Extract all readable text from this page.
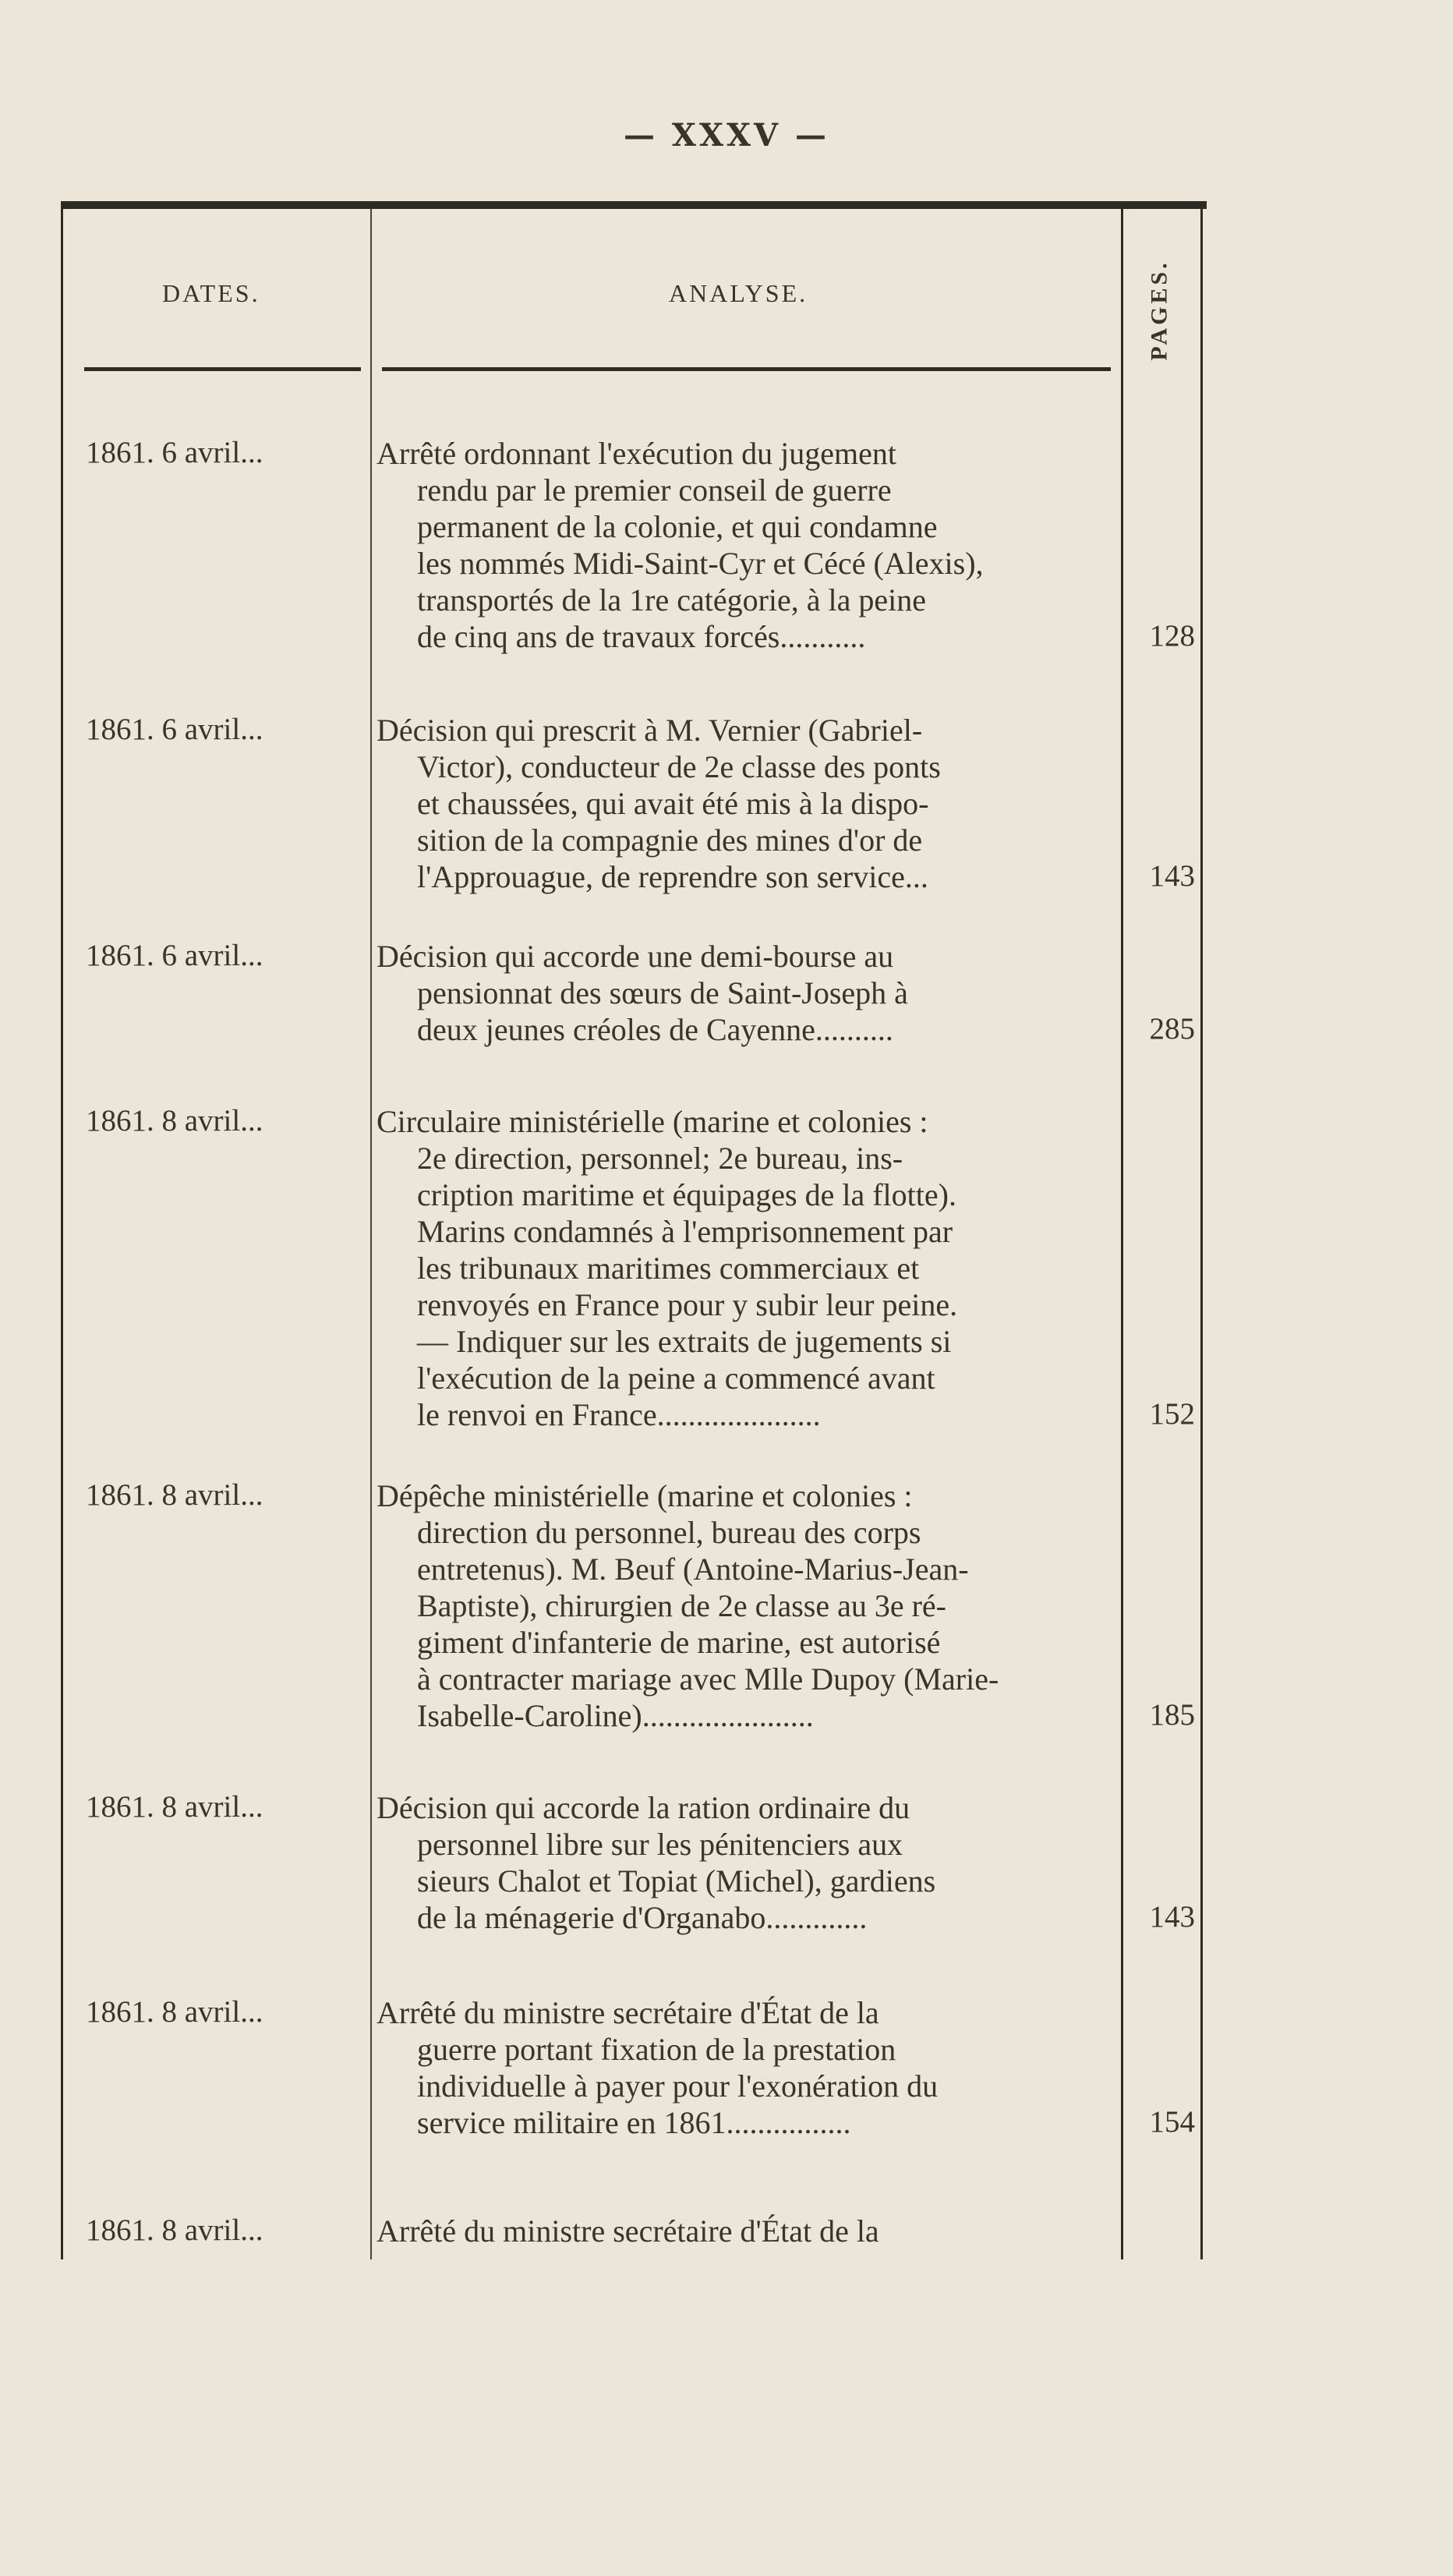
— XXXV —
DATES.	ANALYSE.	PAGES.
1861. 6 avril...	Arrêté ordonnant l'exécution du jugement
rendu par le premier conseil de guerre
permanent de la colonie, et qui condamne
les nommés Midi-Saint-Cyr et Cécé (Alexis),
transportés de la 1re catégorie, à la peine
de cinq ans de travaux forcés...........	128
1861. 6 avril...	Décision qui prescrit à M. Vernier (Gabriel-
Victor), conducteur de 2e classe des ponts
et chaussées, qui avait été mis à la dispo-
sition de la compagnie des mines d'or de
l'Approuague, de reprendre son service...	143
1861. 6 avril...	Décision qui accorde une demi-bourse au
pensionnat des sœurs de Saint-Joseph à
deux jeunes créoles de Cayenne..........	285
1861. 8 avril...	Circulaire ministérielle (marine et colonies :
2e direction, personnel; 2e bureau, ins-
cription maritime et équipages de la flotte).
Marins condamnés à l'emprisonnement par
les tribunaux maritimes commerciaux et
renvoyés en France pour y subir leur peine.
— Indiquer sur les extraits de jugements si
l'exécution de la peine a commencé avant
le renvoi en France.....................	152
1861. 8 avril...	Dépêche ministérielle (marine et colonies :
direction du personnel, bureau des corps
entretenus). M. Beuf (Antoine-Marius-Jean-
Baptiste), chirurgien de 2e classe au 3e ré-
giment d'infanterie de marine, est autorisé
à contracter mariage avec Mlle Dupoy (Marie-
Isabelle-Caroline)......................	185
1861. 8 avril...	Décision qui accorde la ration ordinaire du
personnel libre sur les pénitenciers aux
sieurs Chalot et Topiat (Michel), gardiens
de la ménagerie d'Organabo.............	143
1861. 8 avril...	Arrêté du ministre secrétaire d'État de la
guerre portant fixation de la prestation
individuelle à payer pour l'exonération du
service militaire en 1861................	154
1861. 8 avril...	Arrêté du ministre secrétaire d'État de la
